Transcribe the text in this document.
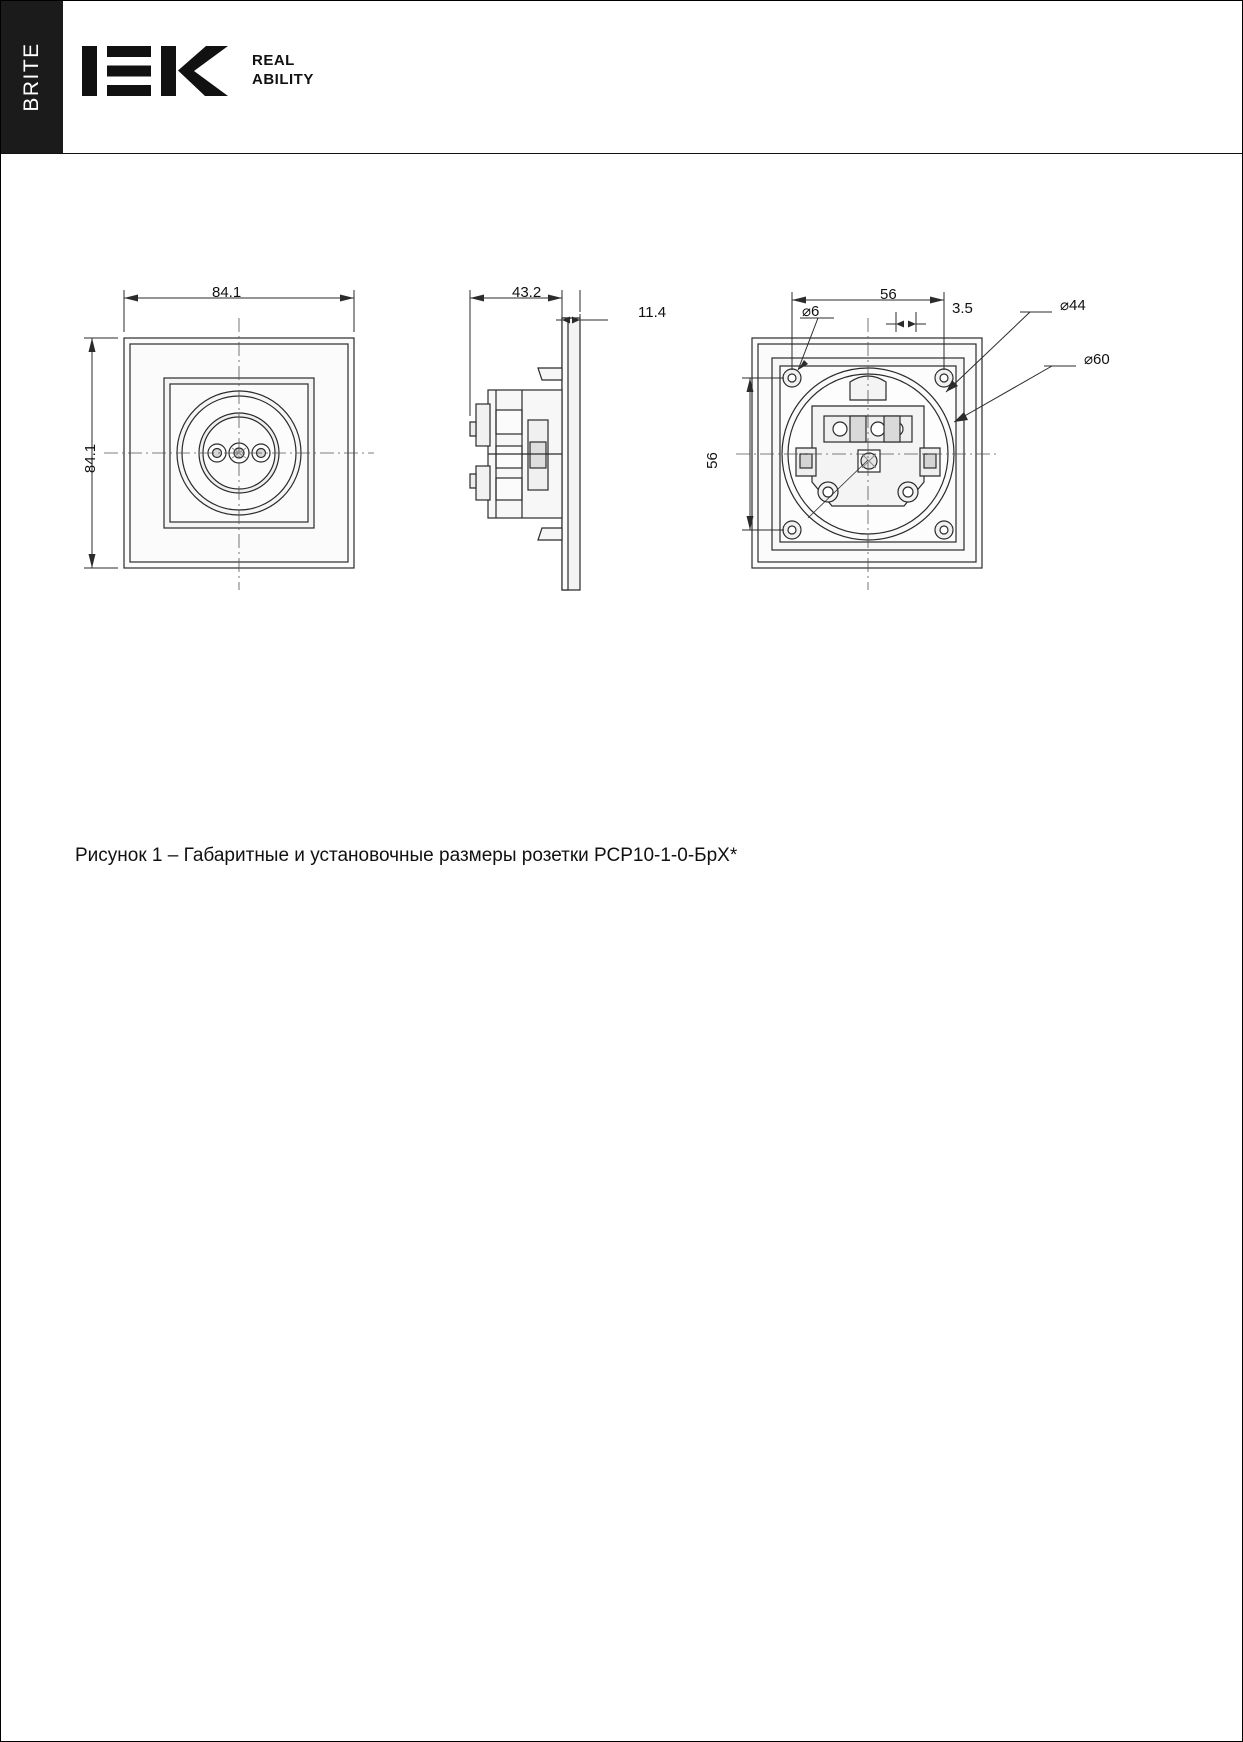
BRITE	REAL
ABILITY
84.1
84.1
43.2
11.4
56
56
⌀6	3.5	⌀44
⌀60
Рисунок 1 – Габаритные и установочные размеры розетки РСР10-1-0-БрХ*
